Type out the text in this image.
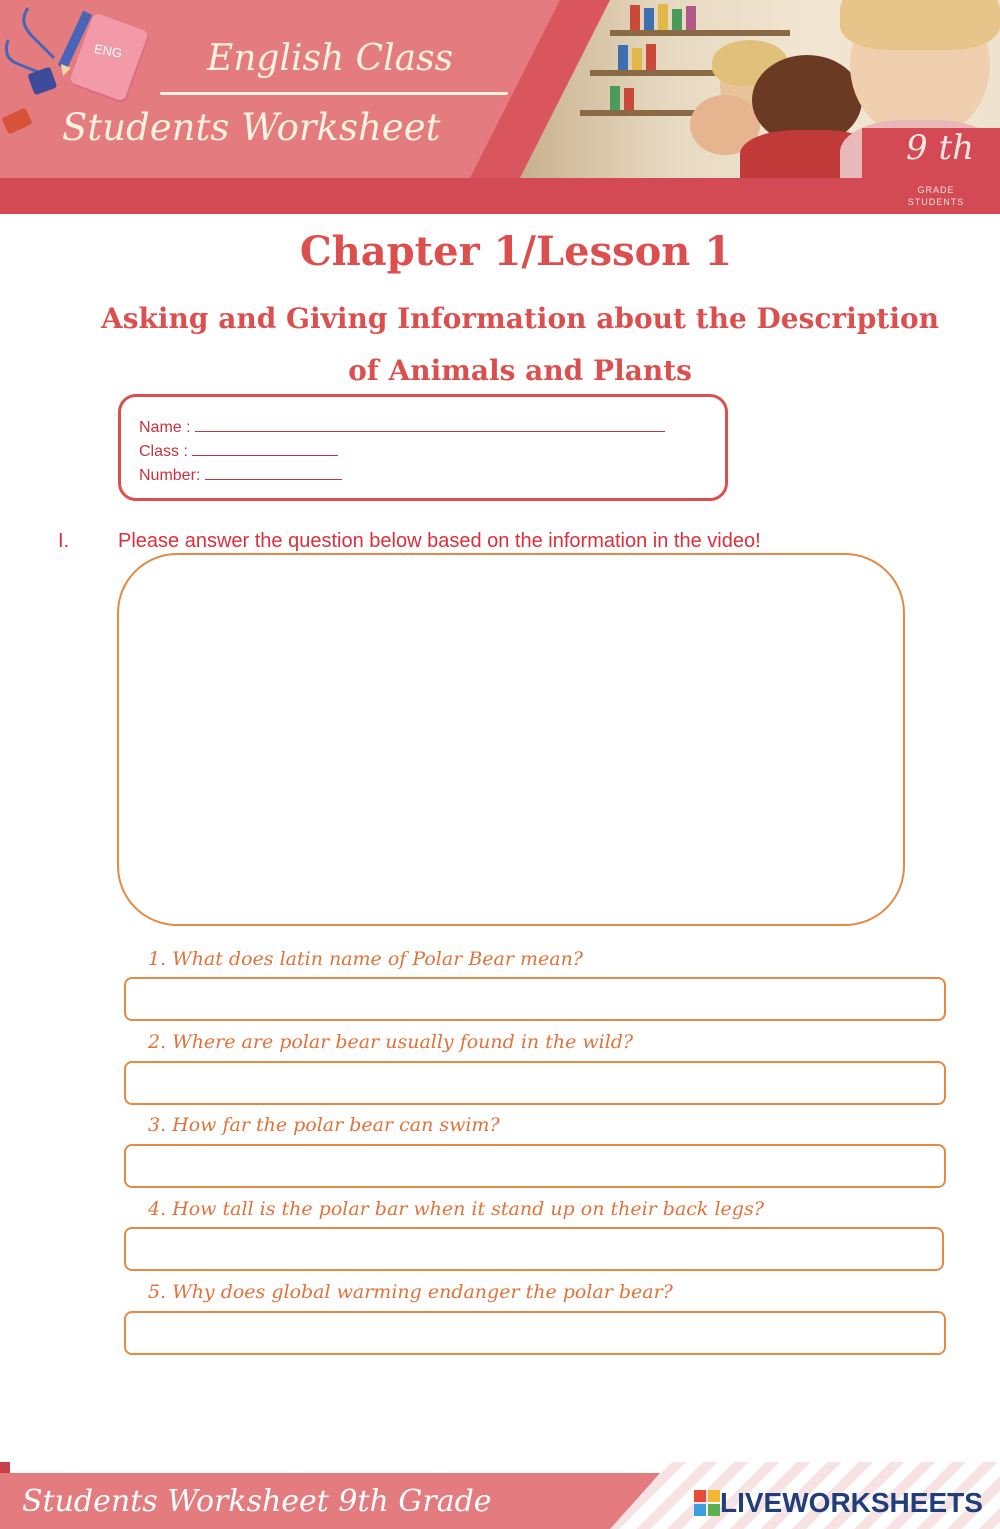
ENG	English Class
Students Worksheet	9 th
GRADE
STUDENTS
Chapter 1/Lesson 1
Asking and Giving Information about the Description of Animals and Plants
Name :
Class :
Number:
I. Please answer the question below based on the information in the video!
1. What does latin name of Polar Bear mean?
2. Where are polar bear usually found in the wild?
3. How far the polar bear can swim?
4. How tall is the polar bar when it stand up on their back legs?
5. Why does global warming endanger the polar bear?
Students Worksheet 9th Grade	LIVEWORKSHEETS
